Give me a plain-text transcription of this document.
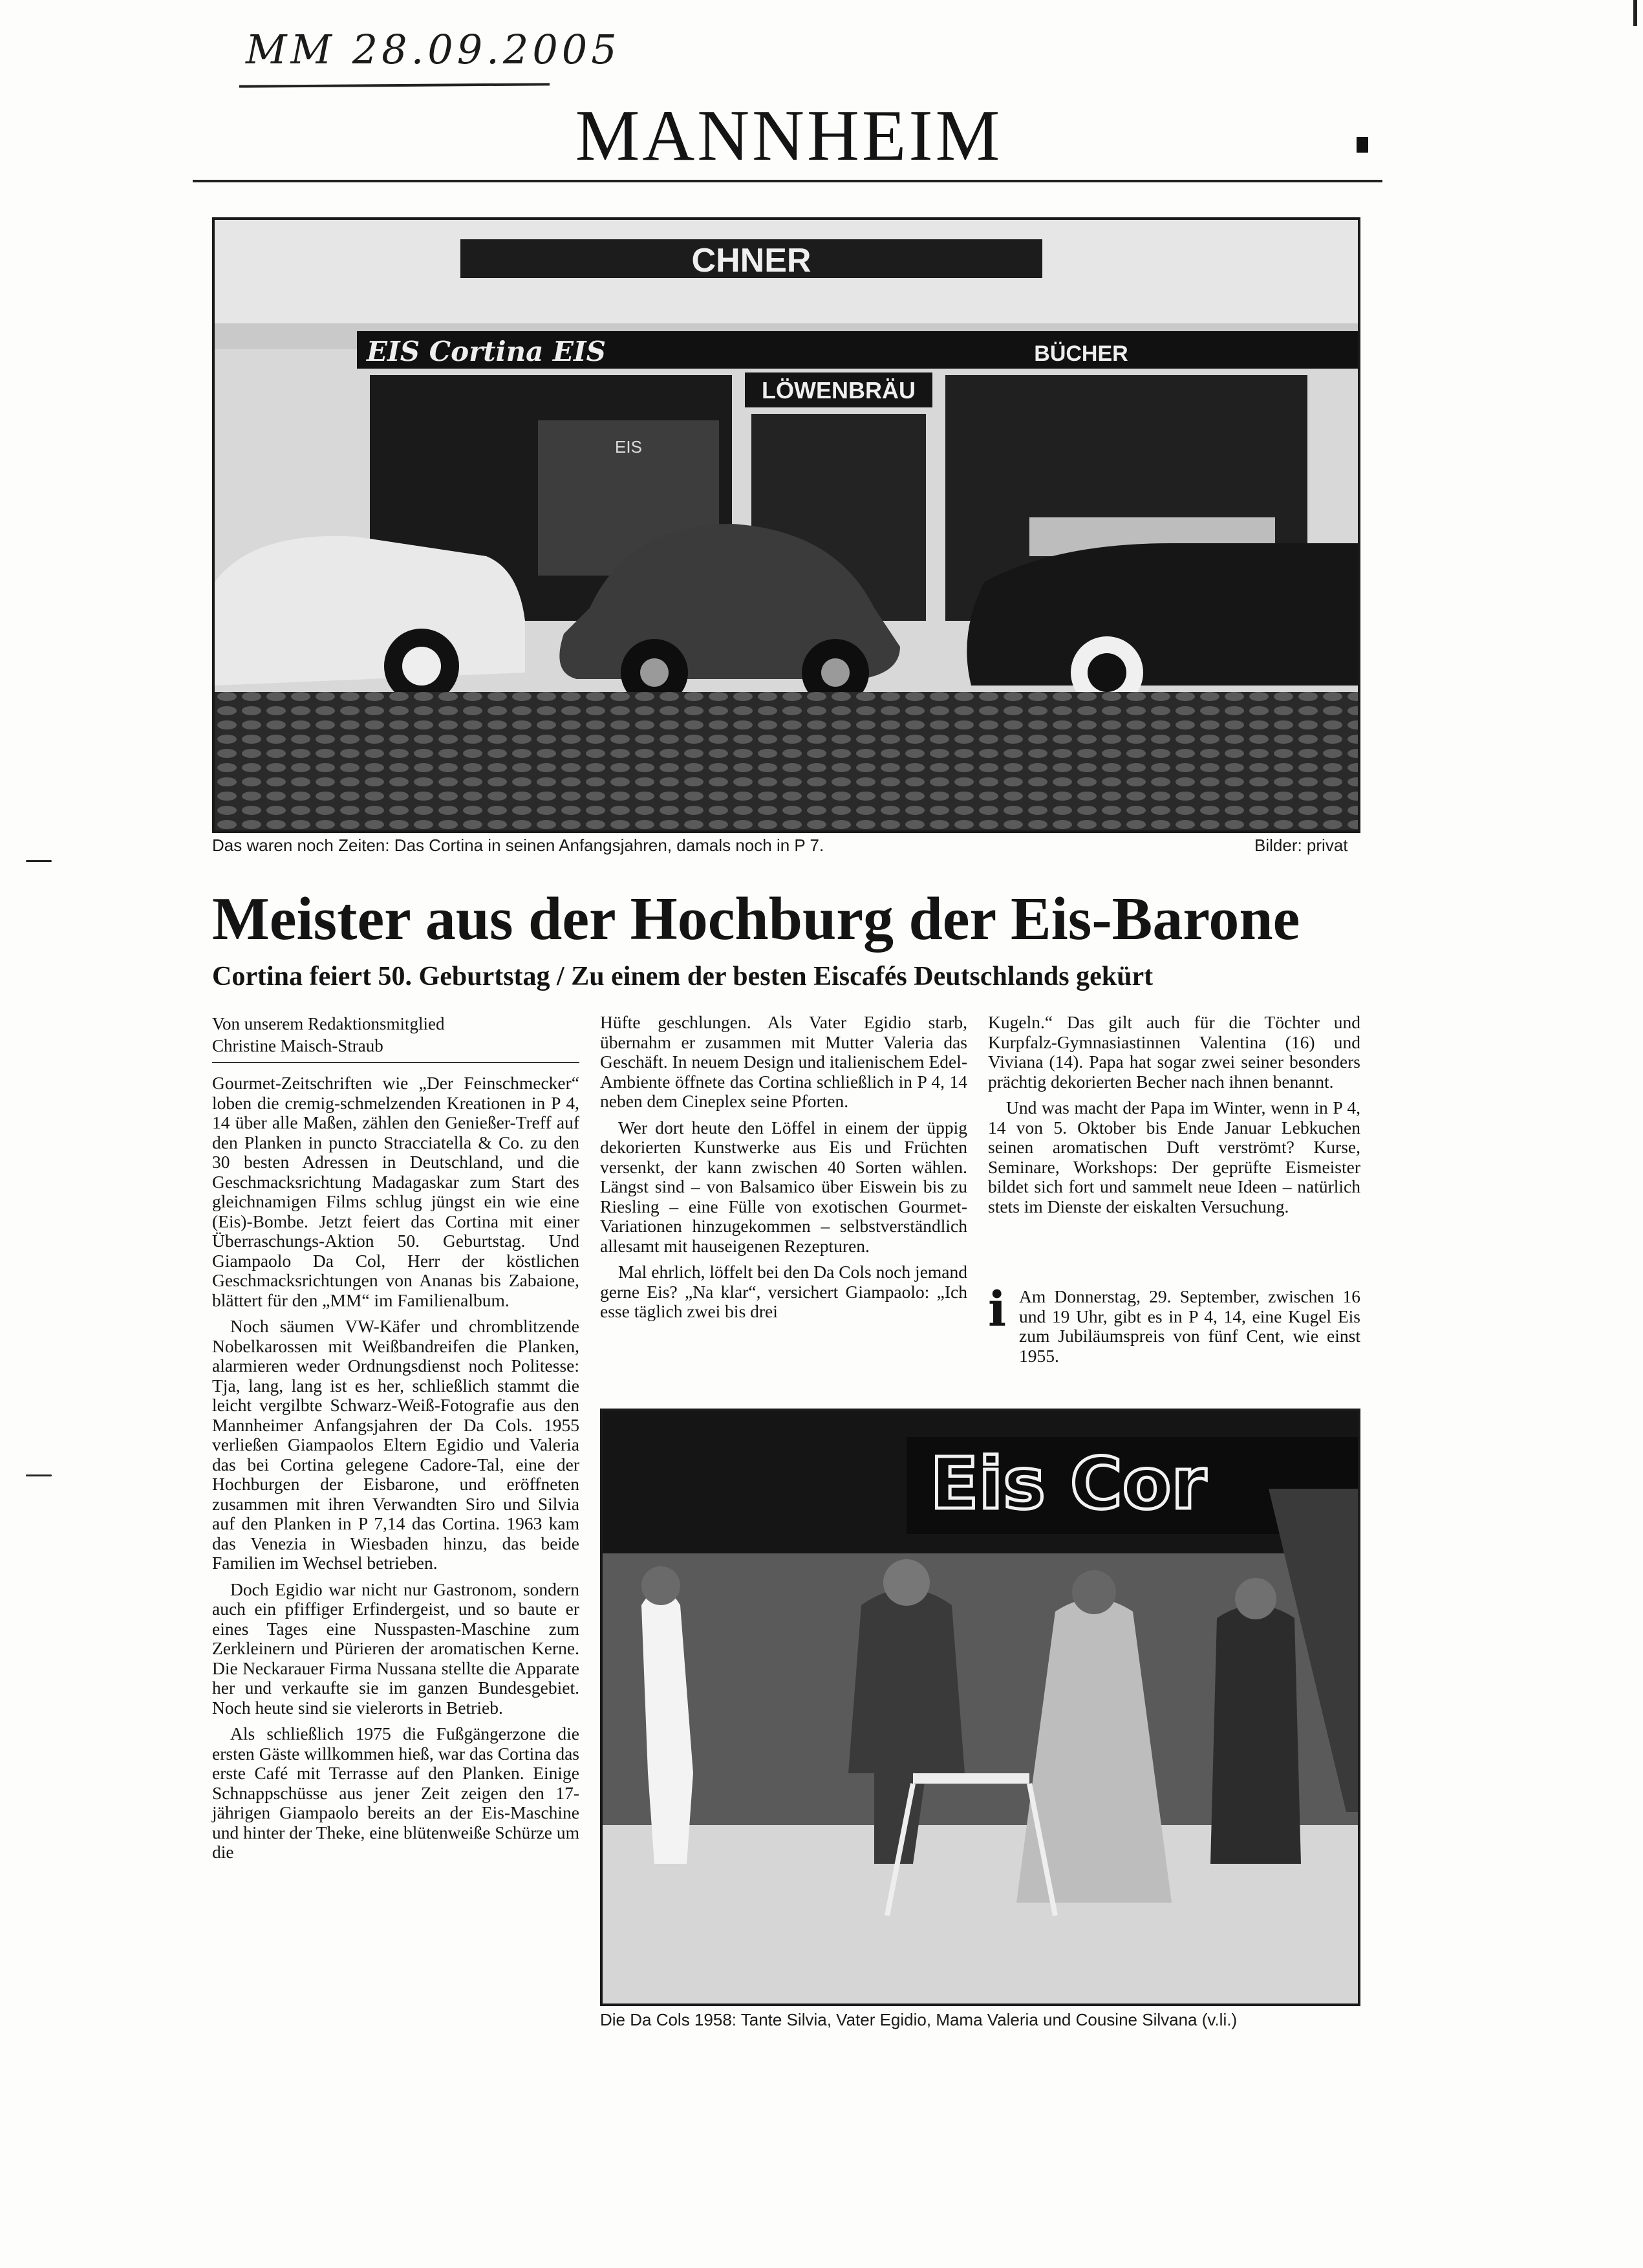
MM 28.09.2005
MANNHEIM
CHNER
EIS Cortina EIS	BÜCHER
LÖWENBRÄU
EIS
Das waren noch Zeiten: Das Cortina in seinen Anfangsjahren, damals noch in P 7.	Bilder: privat
Meister aus der Hochburg der Eis-Barone
Cortina feiert 50. Geburtstag / Zu einem der besten Eiscafés Deutschlands gekürt
Von unserem Redaktionsmitglied
Christine Maisch-Straub

Gourmet-Zeitschriften wie „Der Feinschmecker“ loben die cremig-schmelzenden Kreationen in P 4, 14 über alle Maßen, zählen den Genießer-Treff auf den Planken in puncto Stracciatella & Co. zu den 30 besten Adressen in Deutschland, und die Geschmacksrichtung Madagaskar zum Start des gleichnamigen Films schlug jüngst ein wie eine (Eis)-Bombe. Jetzt feiert das Cortina mit einer Überraschungs-Aktion 50. Geburtstag. Und Giampaolo Da Col, Herr der köstlichen Geschmacksrichtungen von Ananas bis Zabaione, blättert für den „MM“ im Familienalbum.

Noch säumen VW-Käfer und chromblitzende Nobelkarossen mit Weißbandreifen die Planken, alarmieren weder Ordnungsdienst noch Politesse: Tja, lang, lang ist es her, schließlich stammt die leicht vergilbte Schwarz-Weiß-Fotografie aus den Mannheimer Anfangsjahren der Da Cols. 1955 verließen Giampaolos Eltern Egidio und Valeria das bei Cortina gelegene Cadore-Tal, eine der Hochburgen der Eisbarone, und eröffneten zusammen mit ihren Verwandten Siro und Silvia auf den Planken in P 7,14 das Cortina. 1963 kam das Venezia in Wiesbaden hinzu, das beide Familien im Wechsel betrieben.

Doch Egidio war nicht nur Gastronom, sondern auch ein pfiffiger Erfindergeist, und so baute er eines Tages eine Nusspasten-Maschine zum Zerkleinern und Pürieren der aromatischen Kerne. Die Neckarauer Firma Nussana stellte die Apparate her und verkaufte sie im ganzen Bundesgebiet. Noch heute sind sie vielerorts in Betrieb.

Als schließlich 1975 die Fußgängerzone die ersten Gäste willkommen hieß, war das Cortina das erste Café mit Terrasse auf den Planken. Einige Schnappschüsse aus jener Zeit zeigen den 17-jährigen Giampaolo bereits an der Eis-Maschine und hinter der Theke, eine blütenweiße Schürze um die

Hüfte geschlungen. Als Vater Egidio starb, übernahm er zusammen mit Mutter Valeria das Geschäft. In neuem Design und italienischem Edel-Ambiente öffnete das Cortina schließlich in P 4, 14 neben dem Cineplex seine Pforten.

Wer dort heute den Löffel in einem der üppig dekorierten Kunstwerke aus Eis und Früchten versenkt, der kann zwischen 40 Sorten wählen. Längst sind – von Balsamico über Eiswein bis zu Riesling – eine Fülle von exotischen Gourmet-Variationen hinzugekommen – selbstverständlich allesamt mit hauseigenen Rezepturen.

Mal ehrlich, löffelt bei den Da Cols noch jemand gerne Eis? „Na klar“, versichert Giampaolo: „Ich esse täglich zwei bis drei

Kugeln.“ Das gilt auch für die Töchter und Kurpfalz-Gymnasiastinnen Valentina (16) und Viviana (14). Papa hat sogar zwei seiner besonders prächtig dekorierten Becher nach ihnen benannt.

Und was macht der Papa im Winter, wenn in P 4, 14 von 5. Oktober bis Ende Januar Lebkuchen seinen aromatischen Duft verströmt? Kurse, Seminare, Workshops: Der geprüfte Eismeister bildet sich fort und sammelt neue Ideen – natürlich stets im Dienste der eiskalten Versuchung.

i Am Donnerstag, 29. September, zwischen 16 und 19 Uhr, gibt es in P 4, 14, eine Kugel Eis zum Jubiläumspreis von fünf Cent, wie einst 1955.
Eis Cor
Die Da Cols 1958: Tante Silvia, Vater Egidio, Mama Valeria und Cousine Silvana (v.li.)
